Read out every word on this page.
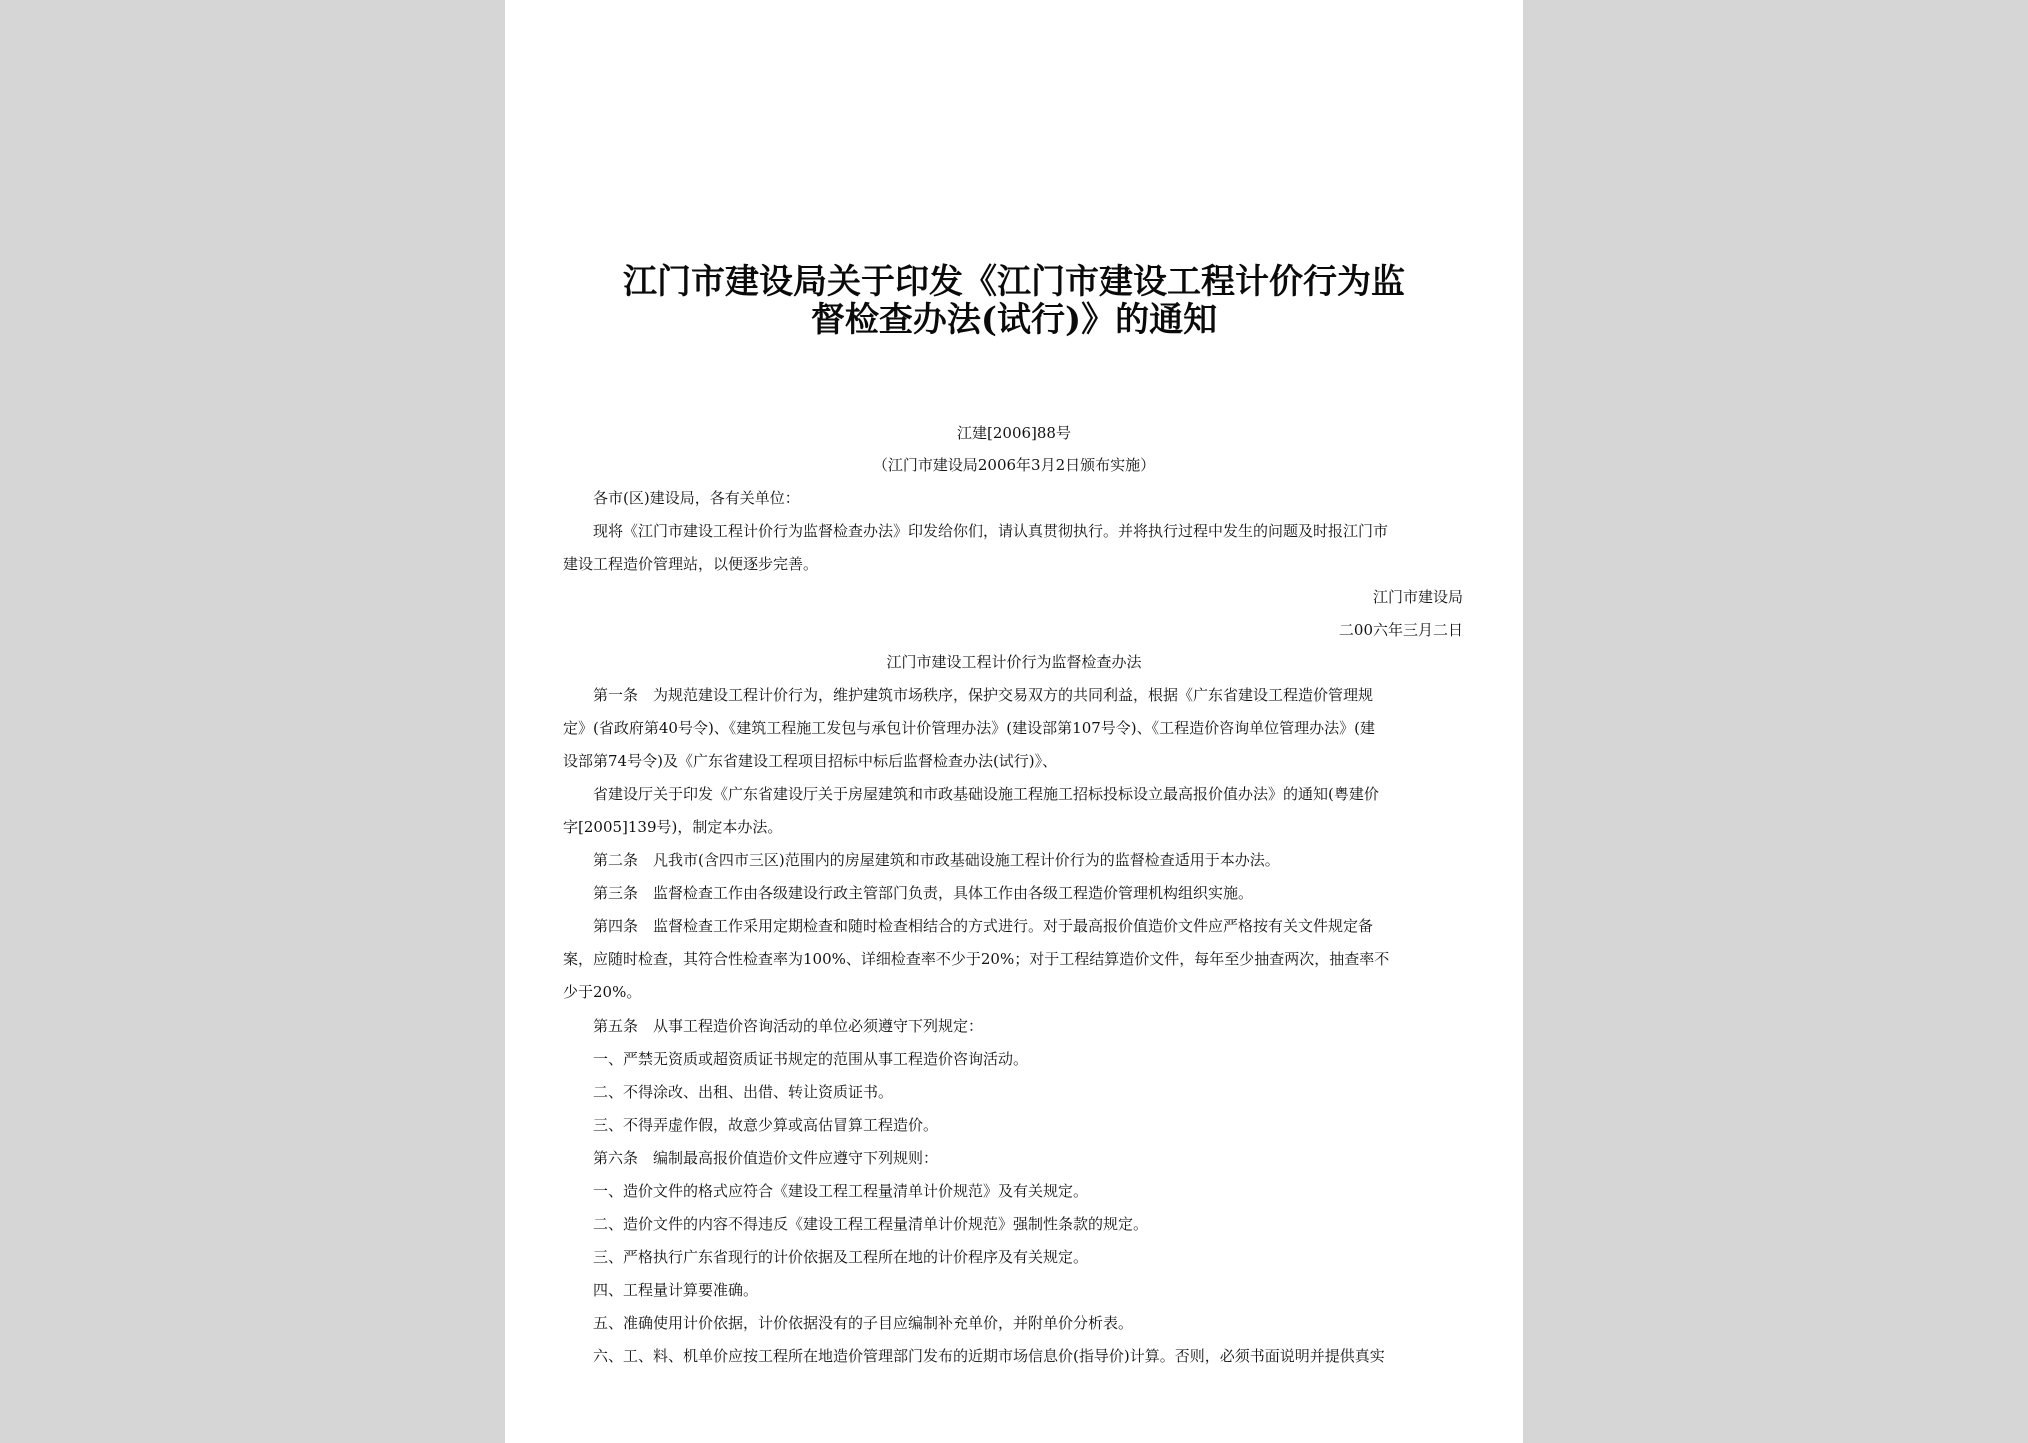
江门市建设局关于印发《江门市建设工程计价行为监
督检查办法(试行)》的通知
江建[2006]88号
（江门市建设局2006年3月2日颁布实施）
各市(区)建设局，各有关单位：
现将《江门市建设工程计价行为监督检查办法》印发给你们，请认真贯彻执行。并将执行过程中发生的问题及时报江门市
建设工程造价管理站，以便逐步完善。
江门市建设局
二00六年三月二日
江门市建设工程计价行为监督检查办法
第一条　为规范建设工程计价行为，维护建筑市场秩序，保护交易双方的共同利益，根据《广东省建设工程造价管理规
定》(省政府第40号令)、《建筑工程施工发包与承包计价管理办法》(建设部第107号令)、《工程造价咨询单位管理办法》(建
设部第74号令)及《广东省建设工程项目招标中标后监督检查办法(试行)》、
省建设厅关于印发《广东省建设厅关于房屋建筑和市政基础设施工程施工招标投标设立最高报价值办法》的通知(粤建价
字[2005]139号)，制定本办法。
第二条　凡我市(含四市三区)范围内的房屋建筑和市政基础设施工程计价行为的监督检查适用于本办法。
第三条　监督检查工作由各级建设行政主管部门负责，具体工作由各级工程造价管理机构组织实施。
第四条　监督检查工作采用定期检查和随时检查相结合的方式进行。对于最高报价值造价文件应严格按有关文件规定备
案，应随时检查，其符合性检查率为100%、详细检查率不少于20%；对于工程结算造价文件，每年至少抽查两次，抽查率不
少于20%。
第五条　从事工程造价咨询活动的单位必须遵守下列规定：
一、严禁无资质或超资质证书规定的范围从事工程造价咨询活动。
二、不得涂改、出租、出借、转让资质证书。
三、不得弄虚作假，故意少算或高估冒算工程造价。
第六条　编制最高报价值造价文件应遵守下列规则：
一、造价文件的格式应符合《建设工程工程量清单计价规范》及有关规定。
二、造价文件的内容不得违反《建设工程工程量清单计价规范》强制性条款的规定。
三、严格执行广东省现行的计价依据及工程所在地的计价程序及有关规定。
四、工程量计算要准确。
五、准确使用计价依据，计价依据没有的子目应编制补充单价，并附单价分析表。
六、工、料、机单价应按工程所在地造价管理部门发布的近期市场信息价(指导价)计算。否则，必须书面说明并提供真实
